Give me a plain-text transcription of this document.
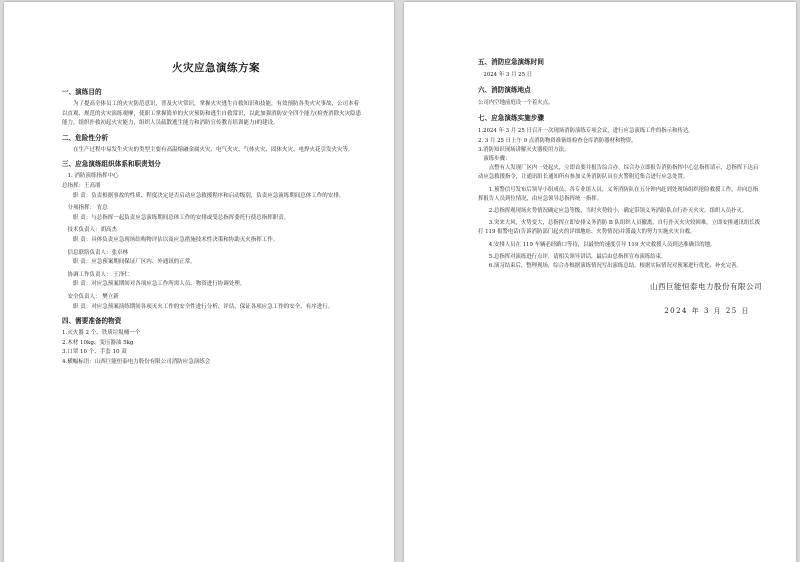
火灾应急演练方案
一、演练目的

为了提高全体员工的火灾防范意识，普及火灾常识，掌握火灾逃生自救知识和技能，有效预防各类火灾事故，公司本着以直观、规范的火灾演练观摩，使职工掌握简单的火灾预防和逃生自救常识，以此加强消防安全四个能力(检查消除火灾隐患能力，组织扑救初起火灾能力，组织人员疏散逃生能力和消防宣传教育培训能力)的建设。

二、危险性分析

在生产过程中易发生火灾的类型主要有高温熔融金属火灾、电气火灾、气体火灾、固体火灾、电焊火花引发火灾等。

三、应急演练组织体系和职责划分

1. 消防演练指挥中心

总指挥：王高朋

职 责：负责根据事故的性质、程度决定是否启动应急救援程序和启动级别，负责应急演练期间总体工作的安排。

分项指挥： 宵总

职 责：与总指挥一起负责应急演练期间总体工作的安排或受总指挥委托行使总指挥职责。

技术负责人：胡高杰

职 责：具体负责应急现场结构物评估以及应急措施技术性决策和协助灭火指挥工作。

信息联络负责人：张卓林

职 责：应急预案期间保证厂区内、外通讯的正常。

协调工作负责人： 王泽仁

职 责：对应急预案期间对各项应急工作所需人员、物资进行协调处理。

安全负责人： 樊立新

职 责：对应急预案演练期间各项灭火工作的安全性进行分析、评估，保证各项应急工作的安全、有序进行。

四、需要准备的物资

1.灭火器 2 个、铁质垃圾桶一个

2.木材 10kg、变压器油 5kg

3.口罩 10 个、手套 10 双

4.横幅标语：山西巨能恒泰电力股份有限公司消防应急演练会

五、消防应急演练时间

2024 年 3 月 25 日

六、消防演练地点

公司内空地前庭设一个着火点。

七、应急演练实施步骤

1.2024 年 3 月 25 日召开一次现场消防演练专项会议，进行应急演练工作的指示和传达。

2. 3 月 25 日上午 9 点消防物资准备组检查仓库消防器材和物资。

3.消防知识现场讲解灭火器使用方法。

演练步骤：

点整有人发现厂区内一处起火，立即首要并报告综合办，综合办立即报告消防指挥中心总指挥请示，总指挥下达启动应急救援指令，让通讯组长通知所有参加义务消防队员在火警附近集合进行应急处置。

1.预警信号发布后领导小组成员、各专业组人员、义务消防队在五分钟内赶到处现场组织抢险救援工作，并向总指挥报告人员到位情况，由应急领导总指挥统一指挥。

2.总指挥观现场火势情况确定应急等级，当时火势较小，确定带领义务消防队自行扑灭火灾，组织人员扑灭。

3.突来大风，火势变大，总指挥立即安排义务消防 B 队组织人员撤离，自行扑灭火灾较困难，立即安排通讯组长拨打 119 报警电话(告诉消防部门起火的详细地址、火势情况)并派最大的努力实施火灾自救。

4.安排人员在 119 车辆必经路口等待，以最快的速度引导 119 火灾救援人员到达准确目的地。

5.总指挥对演练进行点评，请相关领导讲话，最后由总指挥宣布演练结束。

6.演习结束后，整理现场，综合办根据演练情况写出演练总结，根据实际情况对预案进行优化、补充完善。

山西巨能恒泰电力股份有限公司
2024 年 3 月 25 日
